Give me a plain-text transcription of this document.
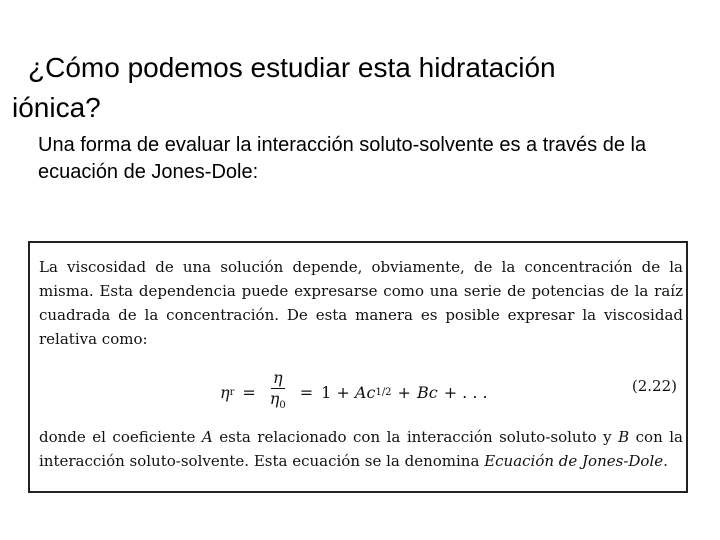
¿Cómo podemos estudiar esta hidratación
iónica?

Una forma de evaluar la interacción soluto-solvente es a través de la ecuación de Jones-Dole:

La viscosidad de una solución depende, obviamente, de la concentración de la misma. Esta dependencia puede expresarse como una serie de potencias de la raíz cuadrada de la concentración. De esta manera es posible expresar la viscosidad relativa como:

η $r = \frac{\eta}{\eta_0} = 1$ +
A c 1/2 + B c + . . .	(2.22)

donde el coeficiente A esta relacionado con la interacción soluto-soluto y B con la interacción soluto-solvente. Esta ecuación se la denomina Ecuación de Jones-Dole.
